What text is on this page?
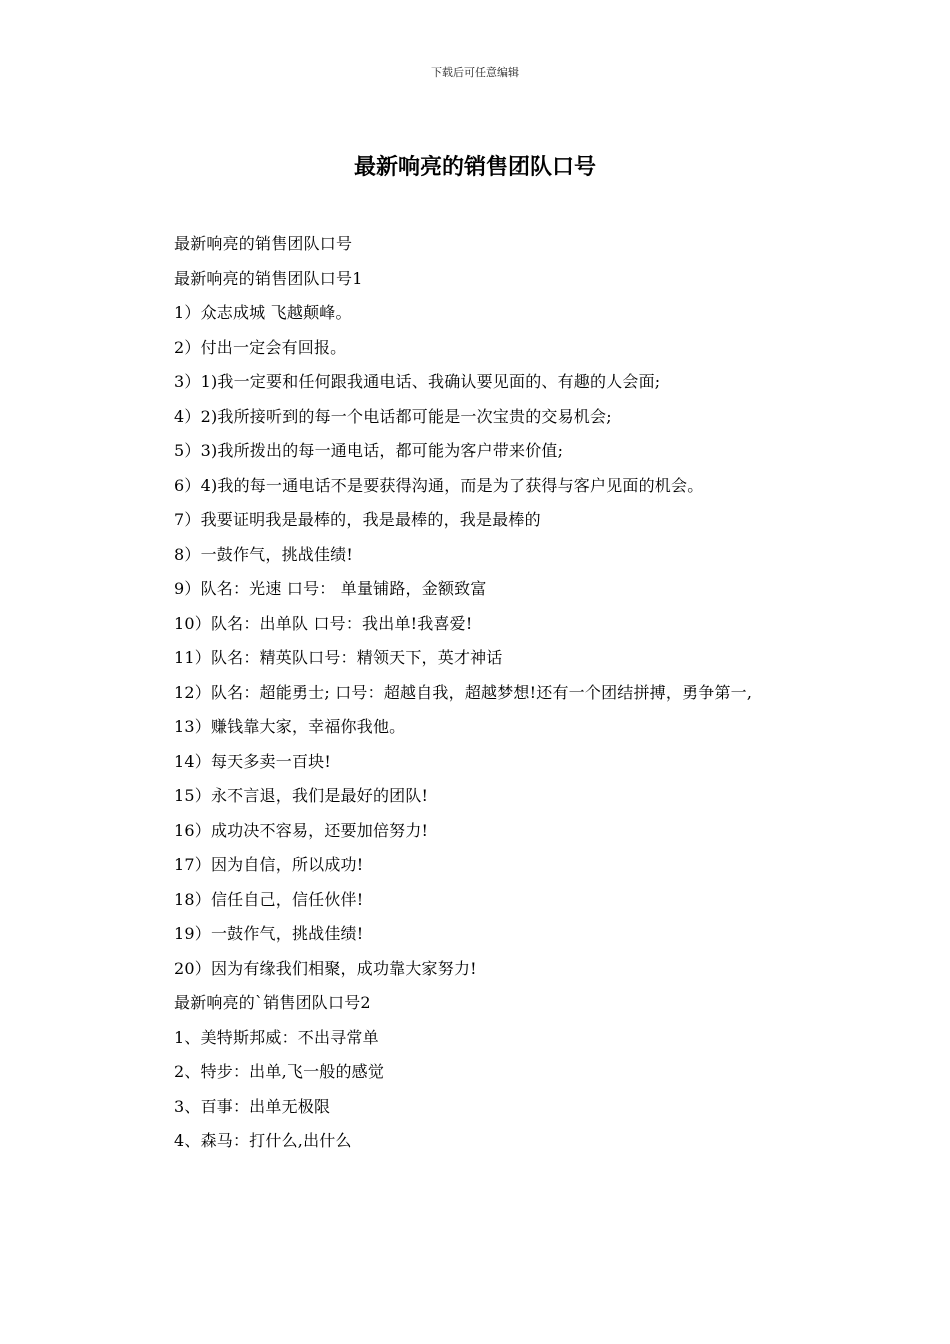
下载后可任意编辑
最新响亮的销售团队口号

最新响亮的销售团队口号

最新响亮的销售团队口号1

1）众志成城 飞越颠峰。

2）付出一定会有回报。

3）1)我一定要和任何跟我通电话、我确认要见面的、有趣的人会面;

4）2)我所接听到的每一个电话都可能是一次宝贵的交易机会;

5）3)我所拨出的每一通电话，都可能为客户带来价值;

6）4)我的每一通电话不是要获得沟通，而是为了获得与客户见面的机会。

7）我要证明我是最棒的，我是最棒的，我是最棒的

8）一鼓作气，挑战佳绩!

9）队名：光速 口号： 单量铺路，金额致富

10）队名：出单队 口号：我出单!我喜爱!

11）队名：精英队口号：精领天下，英才神话

12）队名：超能勇士; 口号：超越自我，超越梦想!还有一个团结拼搏，勇争第一,

13）赚钱靠大家，幸福你我他。

14）每天多卖一百块!

15）永不言退，我们是最好的团队!

16）成功决不容易，还要加倍努力!

17）因为自信，所以成功!

18）信任自己，信任伙伴!

19）一鼓作气，挑战佳绩!

20）因为有缘我们相聚，成功靠大家努力!

最新响亮的`销售团队口号2

1、美特斯邦威：不出寻常单

2、特步：出单,飞一般的感觉

3、百事：出单无极限

4、森马：打什么,出什么
